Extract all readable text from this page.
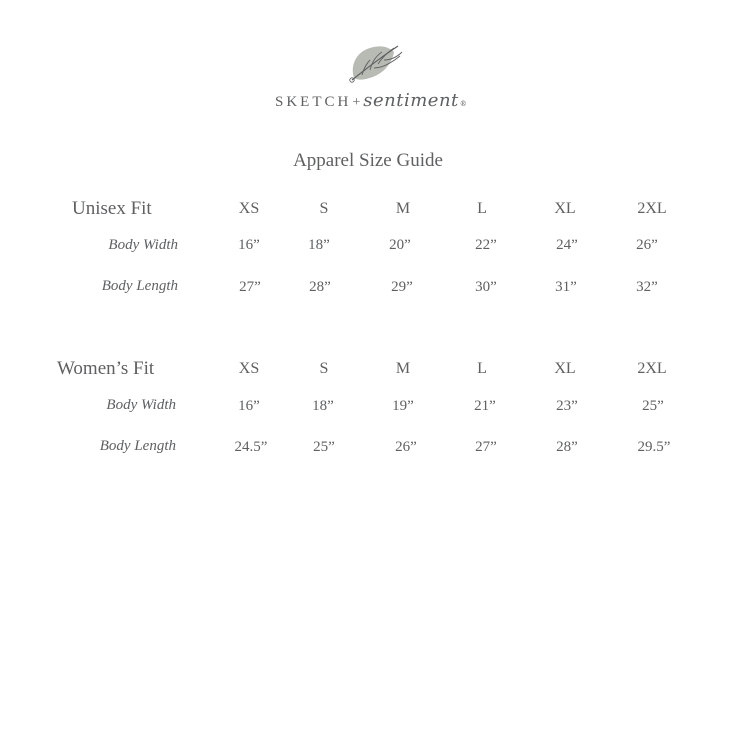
SKETCH + sentiment ®
Apparel Size Guide
Unisex Fit	XS	S	M	L	XL	2XL
Body Width	16”	18”	20”	22”	24”	26”
Body Length	27”	28”	29”	30”	31”	32”
Women’s Fit	XS	S	M	L	XL	2XL
Body Width	16”	18”	19”	21”	23”	25”
Body Length	24.5”	25”	26”	27”	28”	29.5”
